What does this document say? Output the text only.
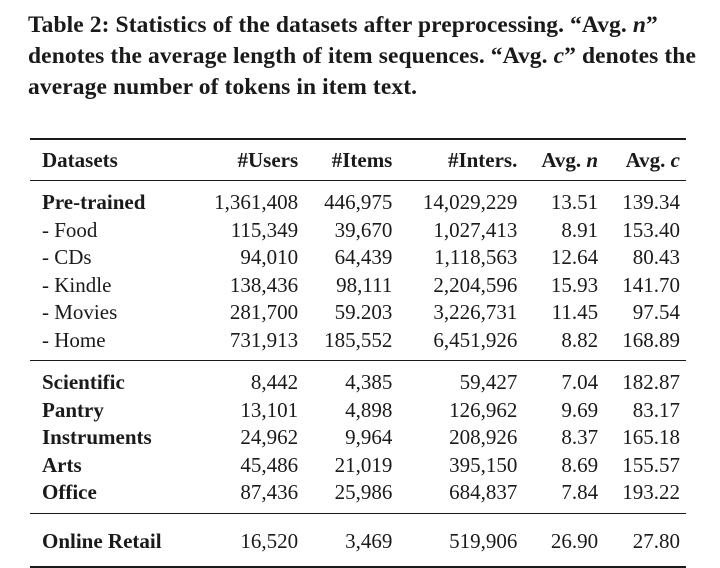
Table 2: Statistics of the datasets after preprocessing. “Avg. n” denotes the average length of item sequences. “Avg. c” denotes the average number of tokens in item text.
Datasets	#Users	#Items	#Inters.	Avg. n	Avg. c
Pre-trained	1,361,408	446,975	14,029,229	13.51	139.34
- Food	115,349	39,670	1,027,413	8.91	153.40
- CDs	94,010	64,439	1,118,563	12.64	80.43
- Kindle	138,436	98,111	2,204,596	15.93	141.70
- Movies	281,700	59.203	3,226,731	11.45	97.54
- Home	731,913	185,552	6,451,926	8.82	168.89
Scientific	8,442	4,385	59,427	7.04	182.87
Pantry	13,101	4,898	126,962	9.69	83.17
Instruments	24,962	9,964	208,926	8.37	165.18
Arts	45,486	21,019	395,150	8.69	155.57
Office	87,436	25,986	684,837	7.84	193.22
Online Retail	16,520	3,469	519,906	26.90	27.80
